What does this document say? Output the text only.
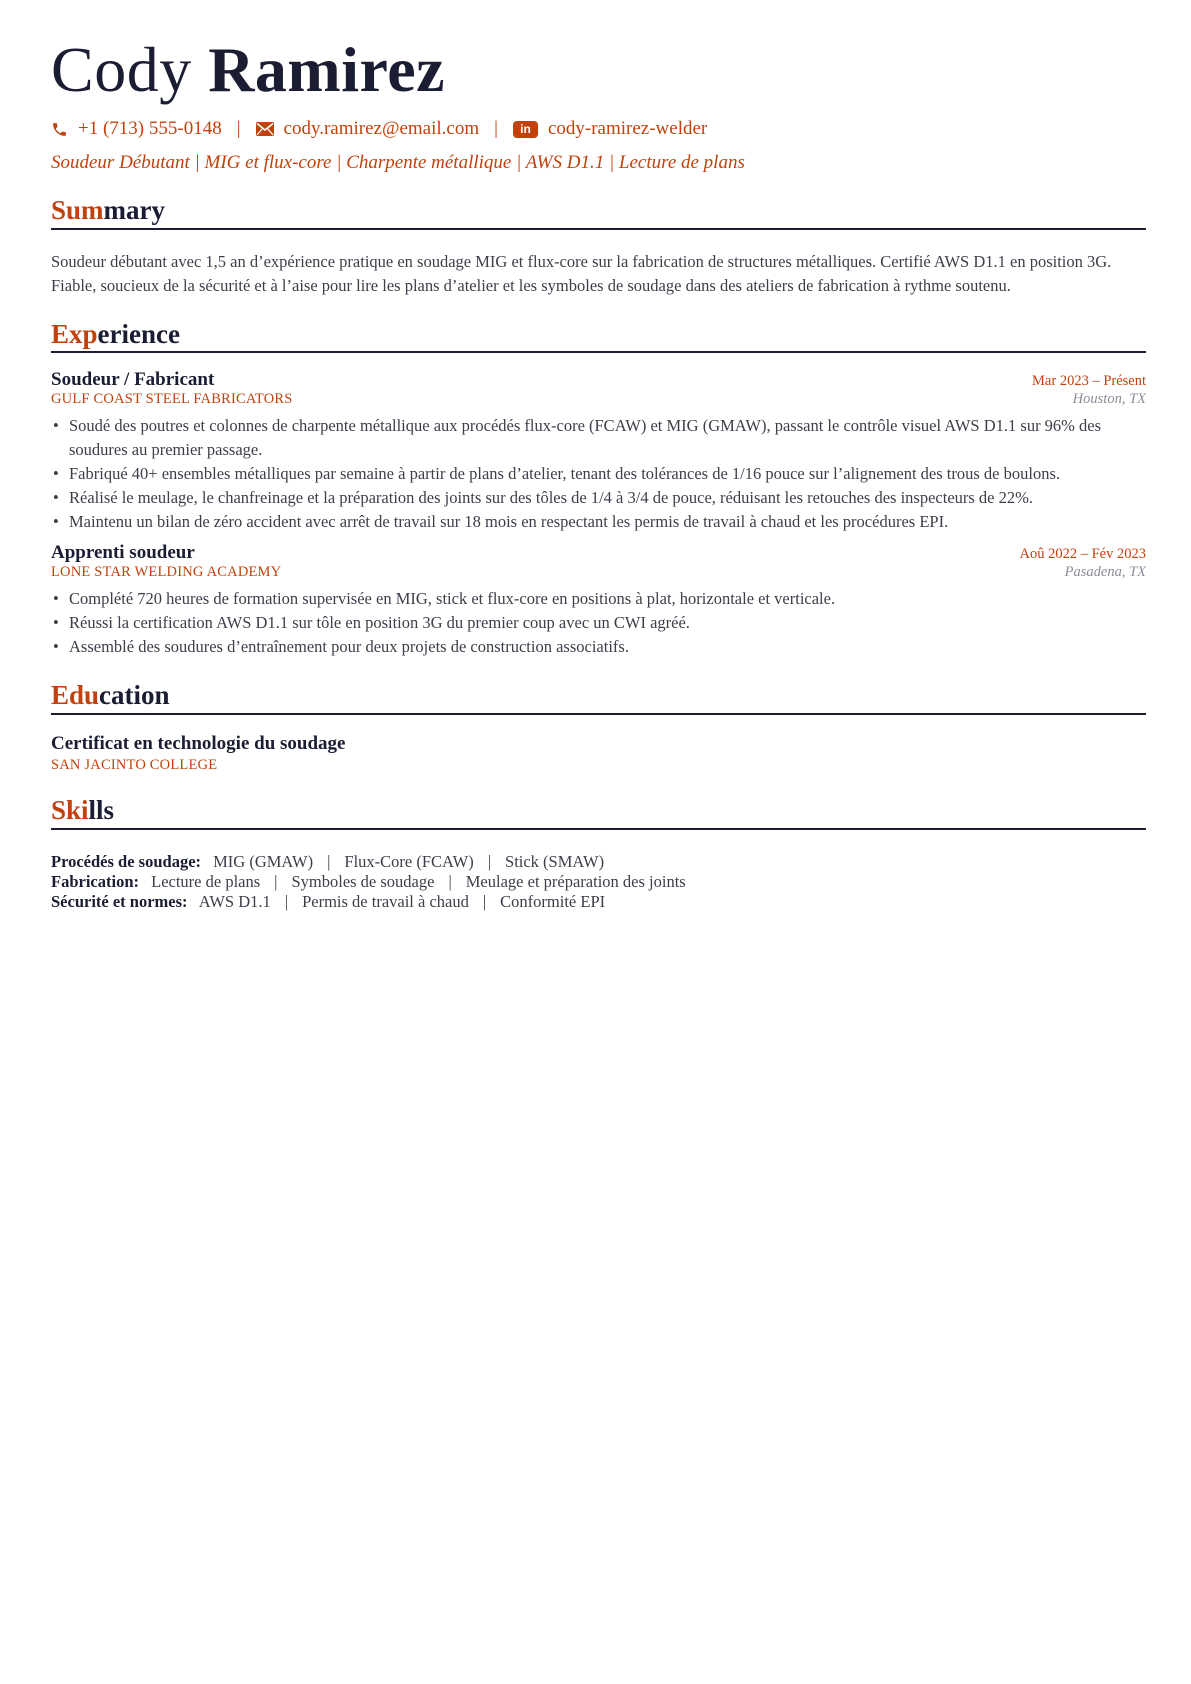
Cody Ramirez
+1 (713) 555-0148 | cody.ramirez@email.com |	in cody-ramirez-welder
Soudeur Débutant | MIG et flux-core | Charpente métallique | AWS D1.1 | Lecture de plans
Summary
Soudeur débutant avec 1,5 an d’expérience pratique en soudage MIG et flux-core sur la fabrication de structures métalliques. Certifié AWS D1.1 en position 3G. Fiable, soucieux de la sécurité et à l’aise pour lire les plans d’atelier et les symboles de soudage dans des ateliers de fabrication à rythme soutenu.
Experience
Soudeur / Fabricant	Mar 2023 – Présent
GULF COAST STEEL FABRICATORS	Houston, TX
• Soudé des poutres et colonnes de charpente métallique aux procédés flux-core (FCAW) et MIG (GMAW), passant le contrôle visuel AWS D1.1 sur 96% des soudures au premier passage.
• Fabriqué 40+ ensembles métalliques par semaine à partir de plans d’atelier, tenant des tolérances de 1/16 pouce sur l’alignement des trous de boulons.
• Réalisé le meulage, le chanfreinage et la préparation des joints sur des tôles de 1/4 à 3/4 de pouce, réduisant les retouches des inspecteurs de 22%.
• Maintenu un bilan de zéro accident avec arrêt de travail sur 18 mois en respectant les permis de travail à chaud et les procédures EPI.
Apprenti soudeur	Aoû 2022 – Fév 2023
LONE STAR WELDING ACADEMY	Pasadena, TX
• Complété 720 heures de formation supervisée en MIG, stick et flux-core en positions à plat, horizontale et verticale.
• Réussi la certification AWS D1.1 sur tôle en position 3G du premier coup avec un CWI agréé.
• Assemblé des soudures d’entraînement pour deux projets de construction associatifs.
Education
Certificat en technologie du soudage
SAN JACINTO COLLEGE
Skills
Procédés de soudage: MIG (GMAW) | Flux-Core (FCAW) | Stick (SMAW)
Fabrication: Lecture de plans | Symboles de soudage | Meulage et préparation des joints
Sécurité et normes: AWS D1.1 | Permis de travail à chaud | Conformité EPI
